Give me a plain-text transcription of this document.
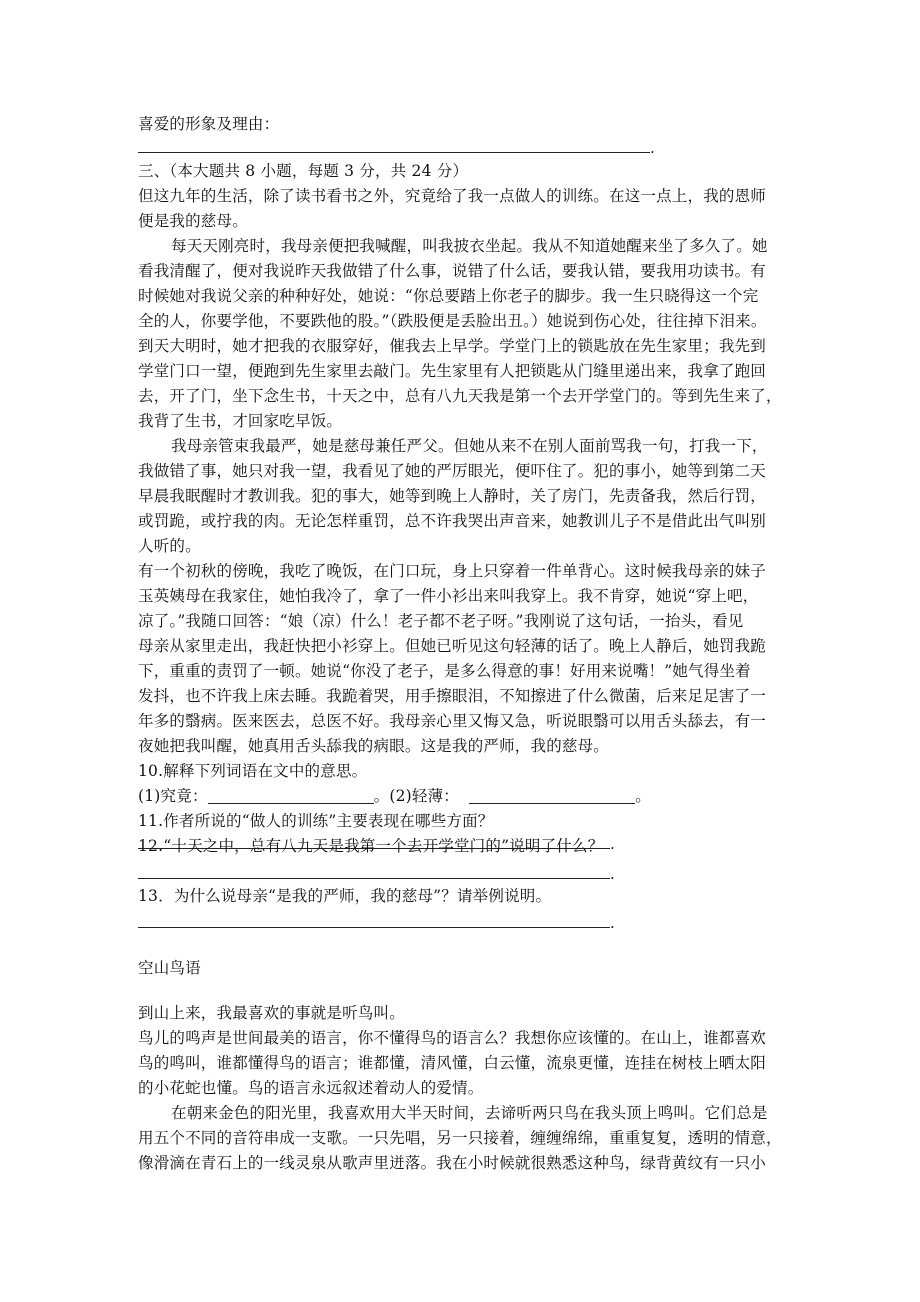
喜爱的形象及理由：
.
三、（本大题共 8 小题，每题 3 分，共 24 分）
但这九年的生活，除了读书看书之外，究竟给了我一点做人的训练。在这一点上，我的恩师
便是我的慈母。
每天天刚亮时，我母亲便把我喊醒，叫我披衣坐起。我从不知道她醒来坐了多久了。她
看我清醒了，便对我说昨天我做错了什么事，说错了什么话，要我认错，要我用功读书。有
时候她对我说父亲的种种好处，她说：“你总要踏上你老子的脚步。我一生只晓得这一个完
全的人，你要学他，不要跌他的股。”（跌股便是丢脸出丑。）她说到伤心处，往往掉下泪来。
到天大明时，她才把我的衣服穿好，催我去上早学。学堂门上的锁匙放在先生家里；我先到
学堂门口一望，便跑到先生家里去敲门。先生家里有人把锁匙从门缝里递出来，我拿了跑回
去，开了门，坐下念生书，十天之中，总有八九天我是第一个去开学堂门的。等到先生来了，
我背了生书，才回家吃早饭。
我母亲管束我最严，她是慈母兼任严父。但她从来不在别人面前骂我一句，打我一下，
我做错了事，她只对我一望，我看见了她的严厉眼光，便吓住了。犯的事小，她等到第二天
早晨我眠醒时才教训我。犯的事大，她等到晚上人静时，关了房门，先责备我，然后行罚，
或罚跪，或拧我的肉。无论怎样重罚，总不许我哭出声音来，她教训儿子不是借此出气叫别
人听的。
有一个初秋的傍晚，我吃了晚饭，在门口玩，身上只穿着一件单背心。这时候我母亲的妹子
玉英姨母在我家住，她怕我冷了，拿了一件小衫出来叫我穿上。我不肯穿，她说“穿上吧，
凉了。”我随口回答：“娘（凉）什么！老子都不老子呀。”我刚说了这句话，一抬头，看见
母亲从家里走出，我赶快把小衫穿上。但她已听见这句轻薄的话了。晚上人静后，她罚我跪
下，重重的责罚了一顿。她说“你没了老子，是多么得意的事！好用来说嘴！”她气得坐着
发抖，也不许我上床去睡。我跪着哭，用手擦眼泪，不知擦进了什么微菌，后来足足害了一
年多的翳病。医来医去，总医不好。我母亲心里又悔又急，听说眼翳可以用舌头舔去，有一
夜她把我叫醒，她真用舌头舔我的病眼。这是我的严师，我的慈母。
10.解释下列词语在文中的意思。
(1)究竟：	。(2)轻薄：	。
11.作者所说的“做人的训练”主要表现在哪些方面？
.
12.“十天之中，总有八九天是我第一个去开学堂门的”说明了什么？
.
13．为什么说母亲“是我的严师，我的慈母”？请举例说明。
.
空山鸟语
到山上来，我最喜欢的事就是听鸟叫。
鸟儿的鸣声是世间最美的语言，你不懂得鸟的语言么？我想你应该懂的。在山上，谁都喜欢
鸟的鸣叫，谁都懂得鸟的语言；谁都懂，清风懂，白云懂，流泉更懂，连挂在树枝上晒太阳
的小花蛇也懂。鸟的语言永远叙述着动人的爱情。
在朝来金色的阳光里，我喜欢用大半天时间，去谛听两只鸟在我头顶上鸣叫。它们总是
用五个不同的音符串成一支歌。一只先唱，另一只接着，缠缠绵绵，重重复复，透明的情意，
像滑滴在青石上的一线灵泉从歌声里迸落。我在小时候就很熟悉这种鸟，绿背黄纹有一只小
